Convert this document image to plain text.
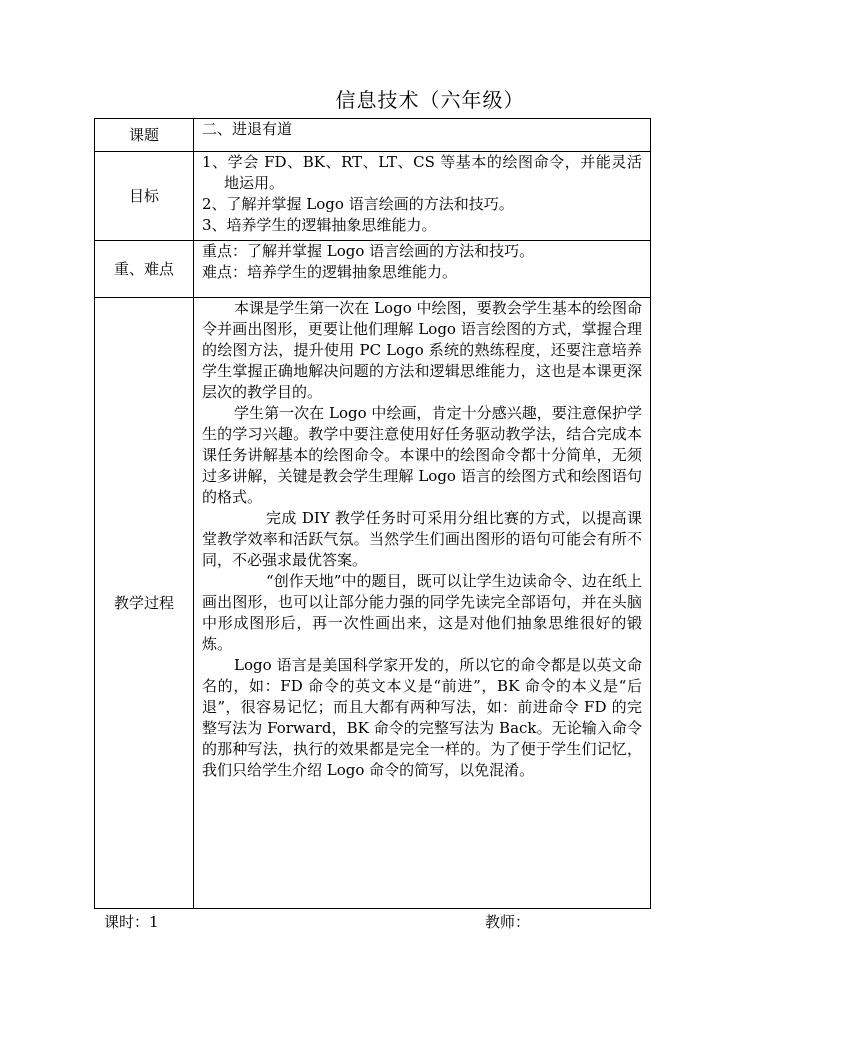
信息技术（六年级）
课题	二、进退有道
目标	1、学会 FD、BK、RT、LT、CS 等基本的绘图命令，并能灵活地运用。
2、了解并掌握 Logo 语言绘画的方法和技巧。
3、培养学生的逻辑抽象思维能力。

重、难点	重点：了解并掌握 Logo 语言绘画的方法和技巧。
难点：培养学生的逻辑抽象思维能力。

教学过程	本课是学生第一次在 Logo 中绘图，要教会学生基本的绘图命令并画出图形，更要让他们理解 Logo 语言绘图的方式，掌握合理的绘图方法，提升使用 PC Logo 系统的熟练程度，还要注意培养学生掌握正确地解决问题的方法和逻辑思维能力，这也是本课更深层次的教学目的。

学生第一次在 Logo 中绘画，肯定十分感兴趣，要注意保护学生的学习兴趣。教学中要注意使用好任务驱动教学法，结合完成本课任务讲解基本的绘图命令。本课中的绘图命令都十分简单，无须过多讲解，关键是教会学生理解 Logo 语言的绘图方式和绘图语句的格式。

完成 DIY 教学任务时可采用分组比赛的方式，以提高课堂教学效率和活跃气氛。当然学生们画出图形的语句可能会有所不同，不必强求最优答案。

“创作天地”中的题目，既可以让学生边读命令、边在纸上画出图形，也可以让部分能力强的同学先读完全部语句，并在头脑中形成图形后，再一次性画出来，这是对他们抽象思维很好的锻炼。

Logo 语言是美国科学家开发的，所以它的命令都是以英文命名的，如：FD 命令的英文本义是“前进”，BK 命令的本义是“后退”，很容易记忆；而且大都有两种写法，如：前进命令 FD 的完整写法为 Forward，BK 命令的完整写法为 Back。无论输入命令的那种写法，执行的效果都是完全一样的。为了便于学生们记忆，我们只给学生介绍 Logo 命令的简写，以免混淆。

课时：1	教师：
